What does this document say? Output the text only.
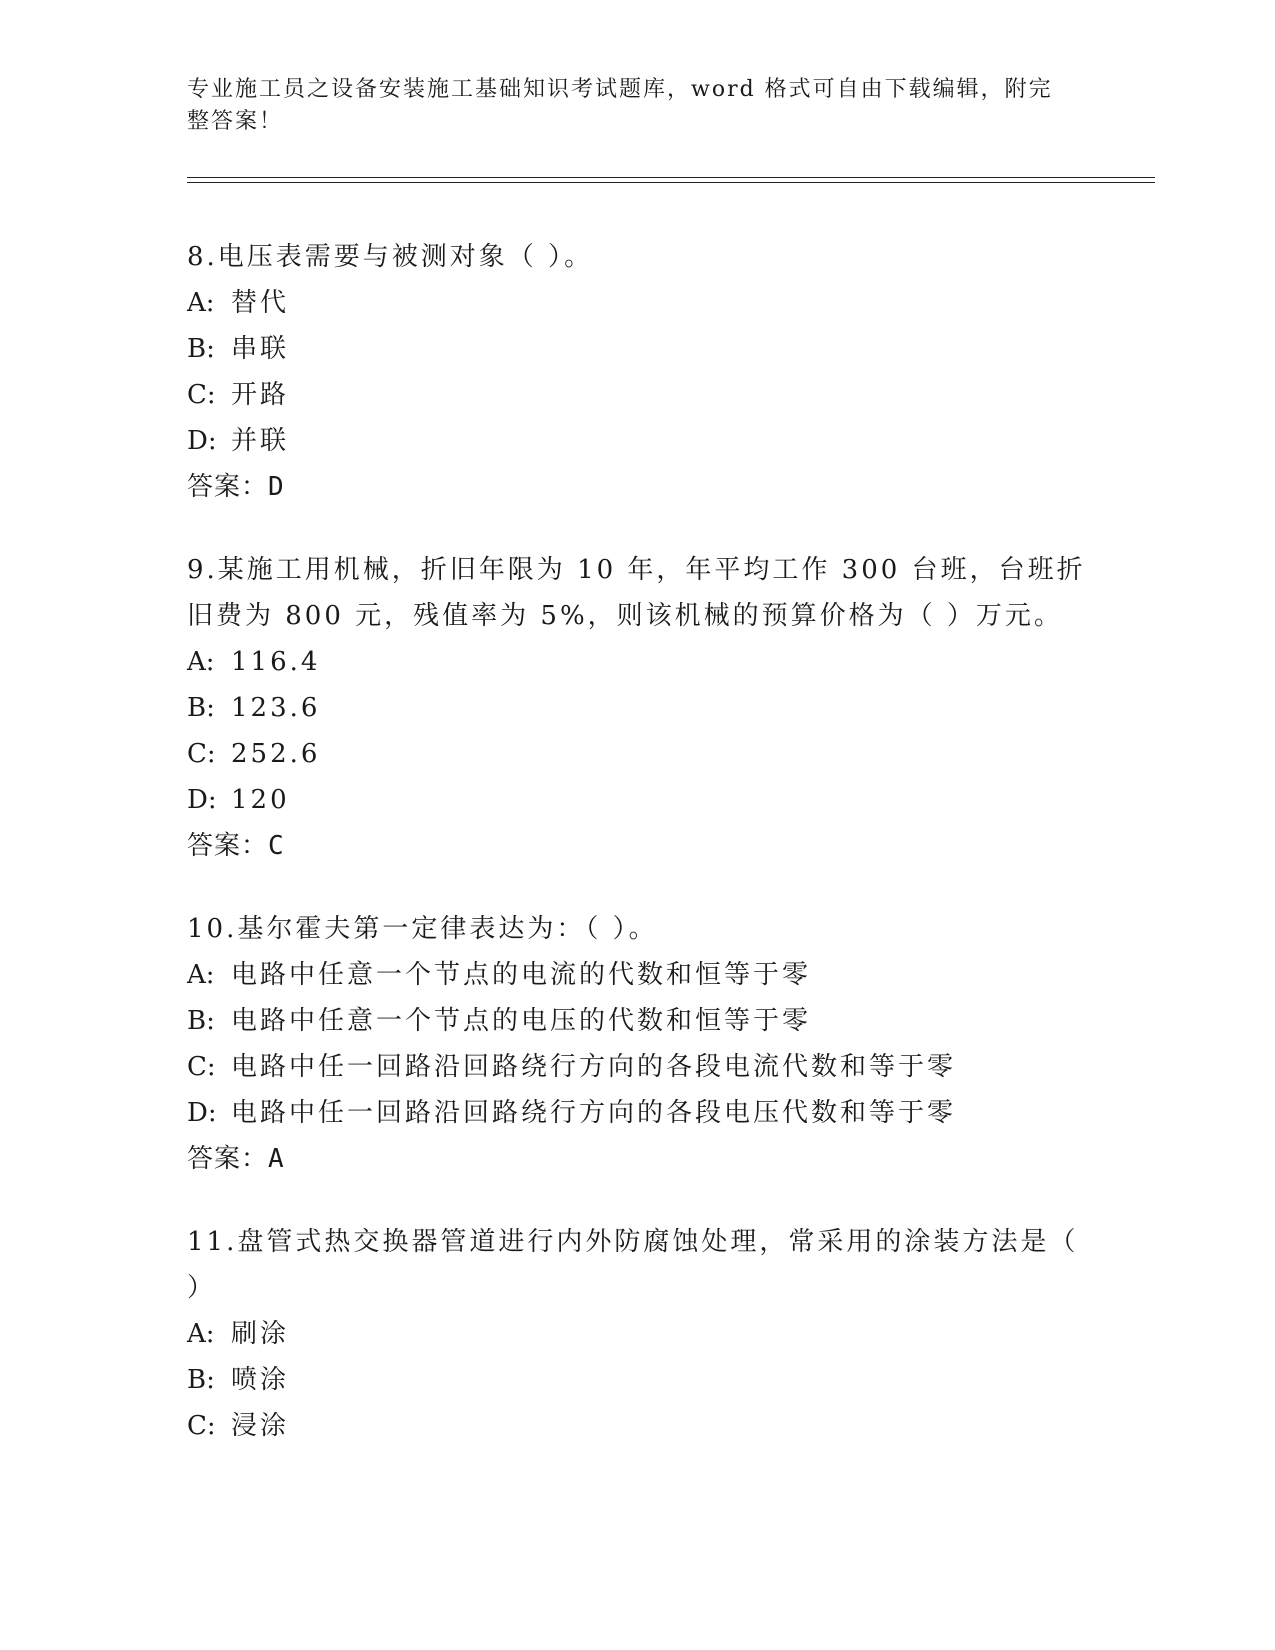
专业施工员之设备安装施工基础知识考试题库，word 格式可自由下载编辑，附完整答案！

8.电压表需要与被测对象（ ）。

A: 替代
B: 串联
C: 开路
D: 并联
答案：D

9.某施工用机械，折旧年限为 10 年，年平均工作 300 台班，台班折旧费为 800 元，残值率为 5%，则该机械的预算价格为（ ）万元。

A: 116.4
B: 123.6
C: 252.6
D: 120
答案：C

10.基尔霍夫第一定律表达为：（ ）。

A: 电路中任意一个节点的电流的代数和恒等于零
B: 电路中任意一个节点的电压的代数和恒等于零
C: 电路中任一回路沿回路绕行方向的各段电流代数和等于零
D: 电路中任一回路沿回路绕行方向的各段电压代数和等于零
答案：A

11.盘管式热交换器管道进行内外防腐蚀处理，常采用的涂装方法是（ ）

A: 刷涂
B: 喷涂
C: 浸涂
